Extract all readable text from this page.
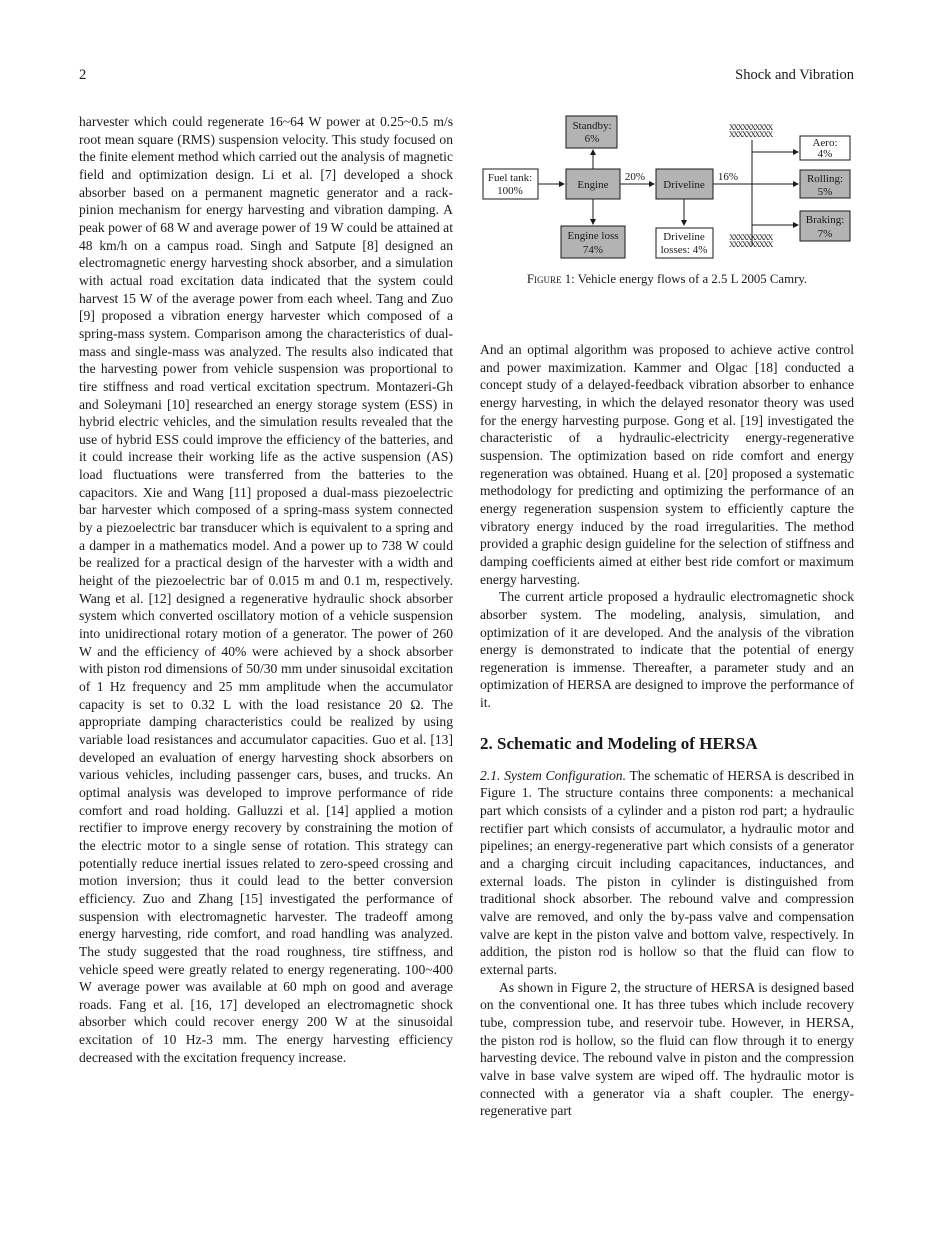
2	Shock and Vibration

harvester which could regenerate 16~64 W power at 0.25~0.5 m/s root mean square (RMS) suspension velocity. This study focused on the finite element method which carried out the analysis of magnetic field and optimization design. Li et al. [7] developed a shock absorber based on a permanent magnetic generator and a rack-pinion mechanism for energy harvesting and vibration damping. A peak power of 68 W and average power of 19 W could be attained at 48 km/h on a campus road. Singh and Satpute [8] designed an electromagnetic energy harvesting shock absorber, and a simulation with actual road excitation data indicated that the system could harvest 15 W of the average power from each wheel. Tang and Zuo [9] proposed a vibration energy harvester which composed of a spring-mass system. Comparison among the characteristics of dual-mass and single-mass was analyzed. The results also indicated that the harvesting power from vehicle suspension was proportional to tire stiffness and road vertical excitation spectrum. Montazeri-Gh and Soleymani [10] researched an energy storage system (ESS) in hybrid electric vehicles, and the simulation results revealed that the use of hybrid ESS could improve the efficiency of the batteries, and it could increase their working life as the active suspension (AS) load fluctuations were transferred from the batteries to the capacitors. Xie and Wang [11] proposed a dual-mass piezoelectric bar harvester which composed of a spring-mass system connected by a piezoelectric bar transducer which is equivalent to a spring and a damper in a mathematics model. And a power up to 738 W could be realized for a practical design of the harvester with a width and height of the piezoelectric bar of 0.015 m and 0.1 m, respectively. Wang et al. [12] designed a regenerative hydraulic shock absorber system which converted oscillatory motion of a vehicle suspension into unidirectional rotary motion of a generator. The power of 260 W and the efficiency of 40% were achieved by a shock absorber with piston rod dimensions of 50/30 mm under sinusoidal excitation of 1 Hz frequency and 25 mm amplitude when the accumulator capacity is set to 0.32 L with the load resistance 20 Ω. The appropriate damping characteristics could be realized by using variable load resistances and accumulator capacities. Guo et al. [13] developed an evaluation of energy harvesting shock absorbers on various vehicles, including passenger cars, buses, and trucks. An optimal analysis was developed to improve performance of ride comfort and road holding. Galluzzi et al. [14] applied a motion rectifier to improve energy recovery by constraining the motion of the electric motor to a single sense of rotation. This strategy can potentially reduce inertial issues related to zero-speed crossing and motion inversion; thus it could lead to the better conversion efficiency. Zuo and Zhang [15] investigated the performance of suspension with electromagnetic harvester. The tradeoff among energy harvesting, ride comfort, and road handling was analyzed. The study suggested that the road roughness, tire stiffness, and vehicle speed were greatly related to energy regenerating. 100~400 W average power was available at 60 mph on good and average roads. Fang et al. [16, 17] developed an electromagnetic shock absorber which could recover energy 200 W at the sinusoidal excitation of 10 Hz-3 mm. The energy harvesting efficiency decreased with the excitation frequency increase.

Fuel tank:
100%	Engine
Standby:
6%
Engine loss
74%
20%
Driveline
Driveline
losses: 4%
16%
XXXXXXXXXX
XXXXXXXXXX
XXXXXXXXXX
XXXXXXXXXX
Aero:
4%
Rolling:
5%
Braking:
7%
Figure 1: Vehicle energy flows of a 2.5 L 2005 Camry.

And an optimal algorithm was proposed to achieve active control and power maximization. Kammer and Olgac [18] conducted a concept study of a delayed-feedback vibration absorber to enhance energy harvesting, in which the delayed resonator theory was used for the energy harvesting purpose. Gong et al. [19] investigated the characteristic of a hydraulic-electricity energy-regenerative suspension. The optimization based on ride comfort and energy regeneration was obtained. Huang et al. [20] proposed a systematic methodology for predicting and optimizing the performance of an energy regeneration suspension system to efficiently capture the vibratory energy induced by the road irregularities. The method provided a graphic design guideline for the selection of stiffness and damping coefficients aimed at either best ride comfort or maximum energy harvesting.

The current article proposed a hydraulic electromagnetic shock absorber system. The modeling, analysis, simulation, and optimization of it are developed. And the analysis of the vibration energy is demonstrated to indicate that the potential of energy regeneration is immense. Thereafter, a parameter study and an optimization of HERSA are designed to improve the performance of it.

2. Schematic and Modeling of HERSA

2.1. System Configuration. The schematic of HERSA is described in Figure 1. The structure contains three components: a mechanical part which consists of a cylinder and a piston rod part; a hydraulic rectifier part which consists of accumulator, a hydraulic motor and pipelines; an energy-regenerative part which consists of a generator and a charging circuit including capacitances, inductances, and external loads. The piston in cylinder is distinguished from traditional shock absorber. The rebound valve and compression valve are removed, and only the by-pass valve and compensation valve are kept in the piston valve and bottom valve, respectively. In addition, the piston rod is hollow so that the fluid can flow to external parts.

As shown in Figure 2, the structure of HERSA is designed based on the conventional one. It has three tubes which include recovery tube, compression tube, and reservoir tube. However, in HERSA, the piston rod is hollow, so the fluid can flow through it to energy harvesting device. The rebound valve in piston and the compression valve in base valve system are wiped off. The hydraulic motor is connected with a generator via a shaft coupler. The energy-regenerative part
